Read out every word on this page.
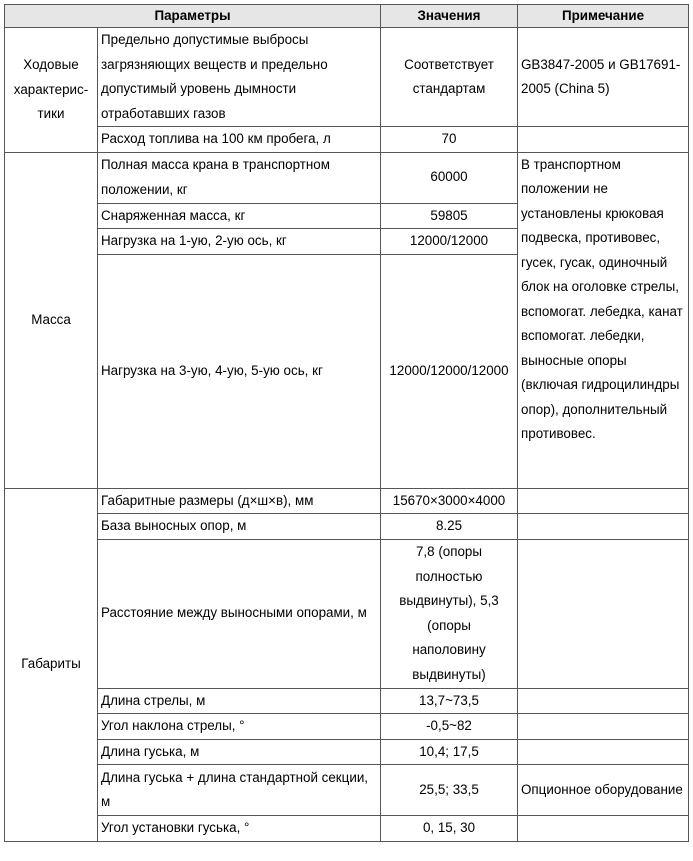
Параметры		Значения	Примечание
Ходовые характерис-тики	Предельно допустимые выбросы загрязняющих веществ и предельно допустимый уровень дымности отработавших газов	Соответствует стандартам	GB3847-2005 и GB17691-2005 (China 5)
	Расход топлива на 100 км пробега, л	70	
Масса	Полная масса крана в транспортном положении, кг	60000	В транспортном положении не установлены крюковая подвеска, противовес, гусек, гусак, одиночный блок на оголовке стрелы, вспомогат. лебедка, канат вспомогат. лебедки, выносные опоры (включая гидроцилиндры опор), дополнительный противовес.
	Снаряженная масса, кг	59805	
	Нагрузка на 1-ую, 2-ую ось, кг	12000/12000	
	Нагрузка на 3-ую, 4-ую, 5-ую ось, кг	12000/12000/12000	
Габариты	Габаритные размеры (д×ш×в), мм	15670×3000×4000	
	База выносных опор, м	8.25	
	Расстояние между выносными опорами, м	7,8 (опоры полностью выдвинуты), 5,3 (опоры наполовину выдвинуты)	
	Длина стрелы, м	13,7~73,5	
	Угол наклона стрелы, °	-0,5~82	
	Длина гуська, м	10,4; 17,5	
	Длина гуська + длина стандартной секции, м	25,5; 33,5	Опционное оборудование
	Угол установки гуська, °	0, 15, 30	
